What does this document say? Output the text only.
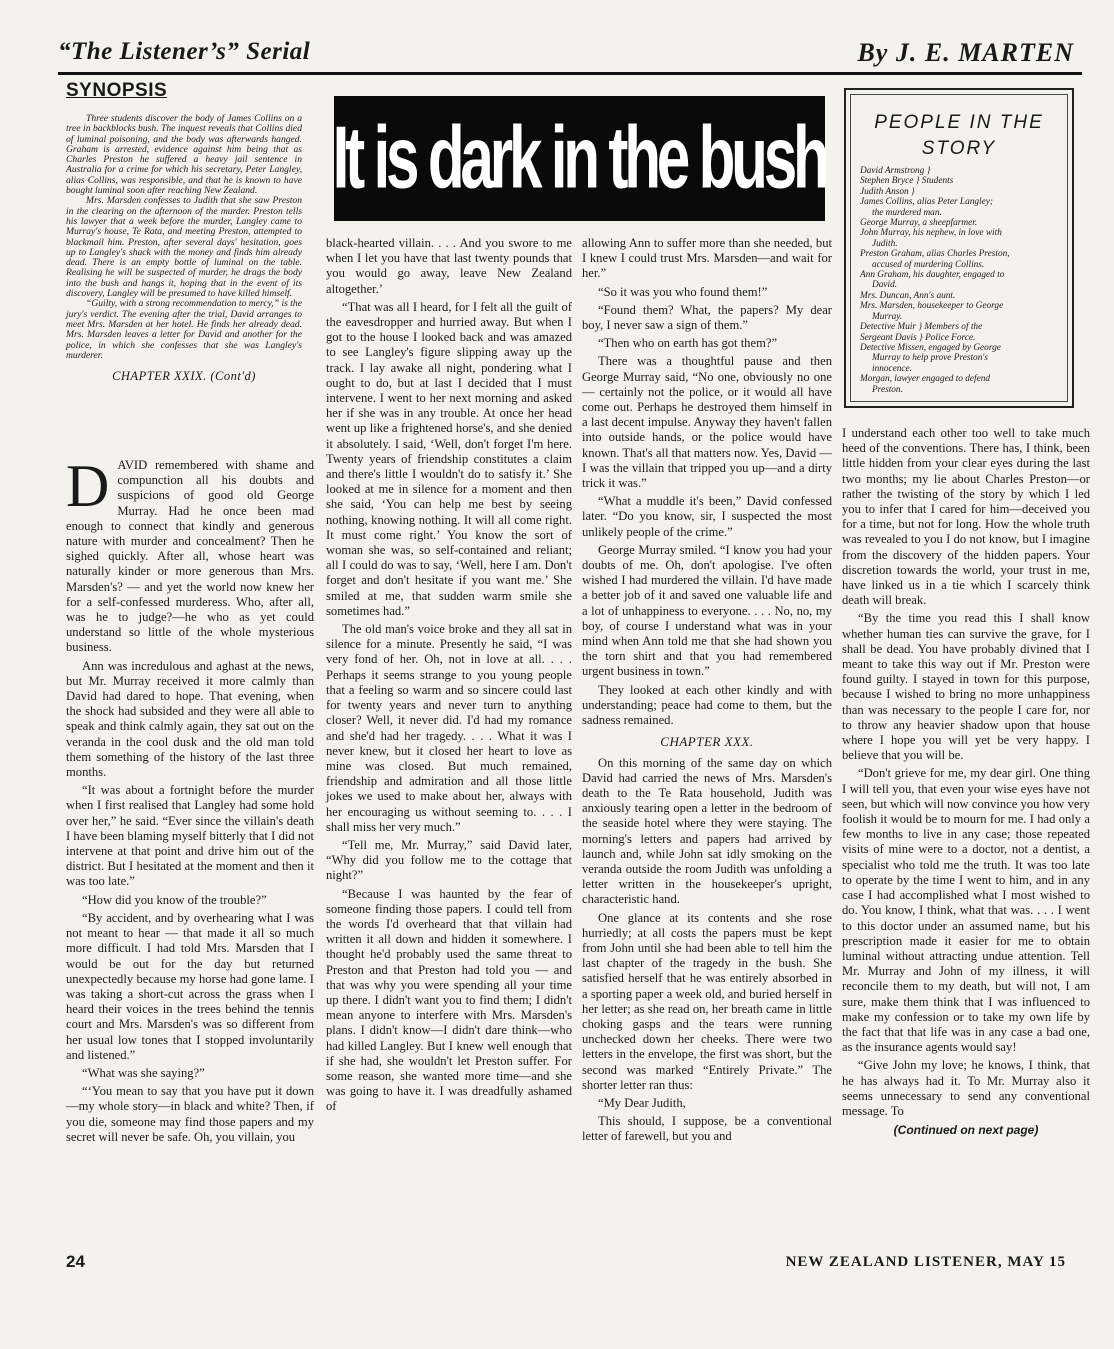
“The Listener’s” Serial	By J. E. MARTEN
SYNOPSIS

Three students discover the body of James Collins on a tree in backblocks bush. The inquest reveals that Collins died of luminal poisoning, and the body was afterwards hanged. Graham is arrested, evidence against him being that as Charles Preston he suffered a heavy jail sentence in Australia for a crime for which his secretary, Peter Langley, alias Collins, was responsible, and that he is known to have bought luminal soon after reaching New Zealand.

Mrs. Marsden confesses to Judith that she saw Preston in the clearing on the afternoon of the murder. Preston tells his lawyer that a week before the murder, Langley came to Murray's house, Te Rata, and meeting Preston, attempted to blackmail him. Preston, after several days' hesitation, goes up to Langley's shack with the money and finds him already dead. There is an empty bottle of luminal on the table. Realising he will be suspected of murder, he drags the body into the bush and hangs it, hoping that in the event of its discovery, Langley will be presumed to have killed himself.

“Guilty, with a strong recommendation to mercy,” is the jury's verdict. The evening after the trial, David arranges to meet Mrs. Marsden at her hotel. He finds her already dead. Mrs. Marsden leaves a letter for David and another for the police, in which she confesses that she was Langley's murderer.

CHAPTER XXIX. (Cont'd)
It is dark in the bush	PEOPLE IN THE STORY
David Armstrong }
Stephen Bryce } Students
Judith Anson }
James Collins, alias Peter Langley;
the murdered man.
George Murray, a sheepfarmer.
John Murray, his nephew, in love with
Judith.
Preston Graham, alias Charles Preston,
accused of murdering Collins.
Ann Graham, his daughter, engaged to
David.
Mrs. Duncan, Ann's aunt.
Mrs. Marsden, housekeeper to George
Murray.
Detective Muir } Members of the
Sergeant Davis } Police Force.
Detective Missen, engaged by George
Murray to help prove Preston's
innocence.
Morgan, lawyer engaged to defend
Preston.

DAVID remembered with shame and compunction all his doubts and suspicions of good old George Murray. Had he once been mad enough to connect that kindly and generous nature with murder and concealment? Then he sighed quickly. After all, whose heart was naturally kinder or more generous than Mrs. Marsden's? — and yet the world now knew her for a self-confessed murderess. Who, after all, was he to judge?—he who as yet could understand so little of the whole mysterious business.

Ann was incredulous and aghast at the news, but Mr. Murray received it more calmly than David had dared to hope. That evening, when the shock had subsided and they were all able to speak and think calmly again, they sat out on the veranda in the cool dusk and the old man told them something of the history of the last three months.

“It was about a fortnight before the murder when I first realised that Langley had some hold over her,” he said. “Ever since the villain's death I have been blaming myself bitterly that I did not intervene at that point and drive him out of the district. But I hesitated at the moment and then it was too late.”

“How did you know of the trouble?”

“By accident, and by overhearing what I was not meant to hear — that made it all so much more difficult. I had told Mrs. Marsden that I would be out for the day but returned unexpectedly because my horse had gone lame. I was taking a short-cut across the grass when I heard their voices in the trees behind the tennis court and Mrs. Marsden's was so different from her usual low tones that I stopped involuntarily and listened.”

“What was she saying?”

“‘You mean to say that you have put it down—my whole story—in black and white? Then, if you die, someone may find those papers and my secret will never be safe. Oh, you villain, you

black-hearted villain. . . . And you swore to me when I let you have that last twenty pounds that you would go away, leave New Zealand altogether.’

“That was all I heard, for I felt all the guilt of the eavesdropper and hurried away. But when I got to the house I looked back and was amazed to see Langley's figure slipping away up the track. I lay awake all night, pondering what I ought to do, but at last I decided that I must intervene. I went to her next morning and asked her if she was in any trouble. At once her head went up like a frightened horse's, and she denied it absolutely. I said, ‘Well, don't forget I'm here. Twenty years of friendship constitutes a claim and there's little I wouldn't do to satisfy it.’ She looked at me in silence for a moment and then she said, ‘You can help me best by seeing nothing, knowing nothing. It will all come right. It must come right.’ You know the sort of woman she was, so self-contained and reliant; all I could do was to say, ‘Well, here I am. Don't forget and don't hesitate if you want me.’ She smiled at me, that sudden warm smile she sometimes had.”

The old man's voice broke and they all sat in silence for a minute. Presently he said, “I was very fond of her. Oh, not in love at all. . . . Perhaps it seems strange to you young people that a feeling so warm and so sincere could last for twenty years and never turn to anything closer? Well, it never did. I'd had my romance and she'd had her tragedy. . . . What it was I never knew, but it closed her heart to love as mine was closed. But much remained, friendship and admiration and all those little jokes we used to make about her, always with her encouraging us without seeming to. . . . I shall miss her very much.”

“Tell me, Mr. Murray,” said David later, “Why did you follow me to the cottage that night?”

“Because I was haunted by the fear of someone finding those papers. I could tell from the words I'd overheard that that villain had written it all down and hidden it somewhere. I thought he'd probably used the same threat to Preston and that Preston had told you — and that was why you were spending all your time up there. I didn't want you to find them; I didn't mean anyone to interfere with Mrs. Marsden's plans. I didn't know—I didn't dare think—who had killed Langley. But I knew well enough that if she had, she wouldn't let Preston suffer. For some reason, she wanted more time—and she was going to have it. I was dreadfully ashamed of

allowing Ann to suffer more than she needed, but I knew I could trust Mrs. Marsden—and wait for her.”

“So it was you who found them!”

“Found them? What, the papers? My dear boy, I never saw a sign of them.”

“Then who on earth has got them?”

There was a thoughtful pause and then George Murray said, “No one, obviously no one — certainly not the police, or it would all have come out. Perhaps he destroyed them himself in a last decent impulse. Anyway they haven't fallen into outside hands, or the police would have known. That's all that matters now. Yes, David — I was the villain that tripped you up—and a dirty trick it was.”

“What a muddle it's been,” David confessed later. “Do you know, sir, I suspected the most unlikely people of the crime.”

George Murray smiled. “I know you had your doubts of me. Oh, don't apologise. I've often wished I had murdered the villain. I'd have made a better job of it and saved one valuable life and a lot of unhappiness to everyone. . . . No, no, my boy, of course I understand what was in your mind when Ann told me that she had shown you the torn shirt and that you had remembered urgent business in town.”

They looked at each other kindly and with understanding; peace had come to them, but the sadness remained.

CHAPTER XXX.

On this morning of the same day on which David had carried the news of Mrs. Marsden's death to the Te Rata household, Judith was anxiously tearing open a letter in the bedroom of the seaside hotel where they were staying. The morning's letters and papers had arrived by launch and, while John sat idly smoking on the veranda outside the room Judith was unfolding a letter written in the housekeeper's upright, characteristic hand.

One glance at its contents and she rose hurriedly; at all costs the papers must be kept from John until she had been able to tell him the last chapter of the tragedy in the bush. She satisfied herself that he was entirely absorbed in a sporting paper a week old, and buried herself in her letter; as she read on, her breath came in little choking gasps and the tears were running unchecked down her cheeks. There were two letters in the envelope, the first was short, but the second was marked “Entirely Private.” The shorter letter ran thus:

“My Dear Judith,

This should, I suppose, be a conventional letter of farewell, but you and

I understand each other too well to take much heed of the conventions. There has, I think, been little hidden from your clear eyes during the last two months; my lie about Charles Preston—or rather the twisting of the story by which I led you to infer that I cared for him—deceived you for a time, but not for long. How the whole truth was revealed to you I do not know, but I imagine from the discovery of the hidden papers. Your discretion towards the world, your trust in me, have linked us in a tie which I scarcely think death will break.

“By the time you read this I shall know whether human ties can survive the grave, for I shall be dead. You have probably divined that I meant to take this way out if Mr. Preston were found guilty. I stayed in town for this purpose, because I wished to bring no more unhappiness than was necessary to the people I care for, nor to throw any heavier shadow upon that house where I hope you will yet be very happy. I believe that you will be.

“Don't grieve for me, my dear girl. One thing I will tell you, that even your wise eyes have not seen, but which will now convince you how very foolish it would be to mourn for me. I had only a few months to live in any case; those repeated visits of mine were to a doctor, not a dentist, a specialist who told me the truth. It was too late to operate by the time I went to him, and in any case I had accomplished what I most wished to do. You know, I think, what that was. . . . I went to this doctor under an assumed name, but his prescription made it easier for me to obtain luminal without attracting undue attention. Tell Mr. Murray and John of my illness, it will reconcile them to my death, but will not, I am sure, make them think that I was influenced to make my confession or to take my own life by the fact that that life was in any case a bad one, as the insurance agents would say!

“Give John my love; he knows, I think, that he has always had it. To Mr. Murray also it seems unnecessary to send any conventional message. To

(Continued on next page)
24	NEW ZEALAND LISTENER, MAY 15
